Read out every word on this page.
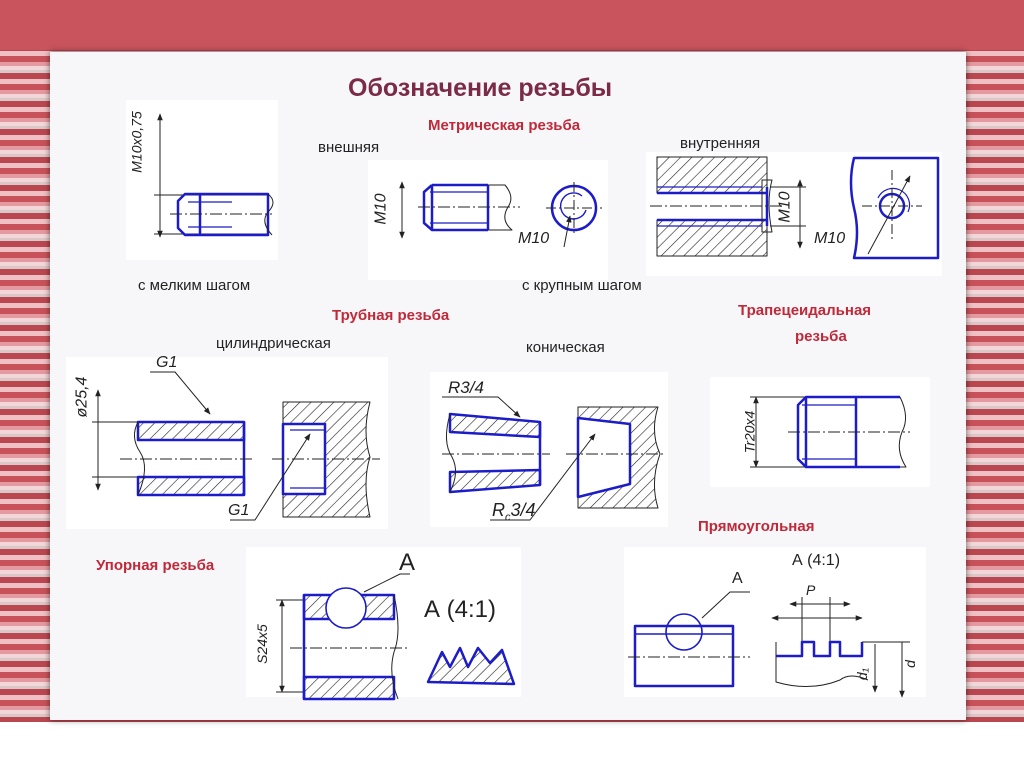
Обозначение резьбы
Метрическая резьба
внешняя	внутренняя
с мелким шагом	с крупным шагом
Трубная резьба
цилиндрическая	коническая
Трапецеидальная
резьба
Упорная резьба
Прямоугольная
М10х0,75
М10
М10
М10
М10
ø25,4
G1
G1
R3/4
$R_c3/4$
Tr20х4
S24х5
А
А (4:1)
А
А (4:1)
P
d₁
d
